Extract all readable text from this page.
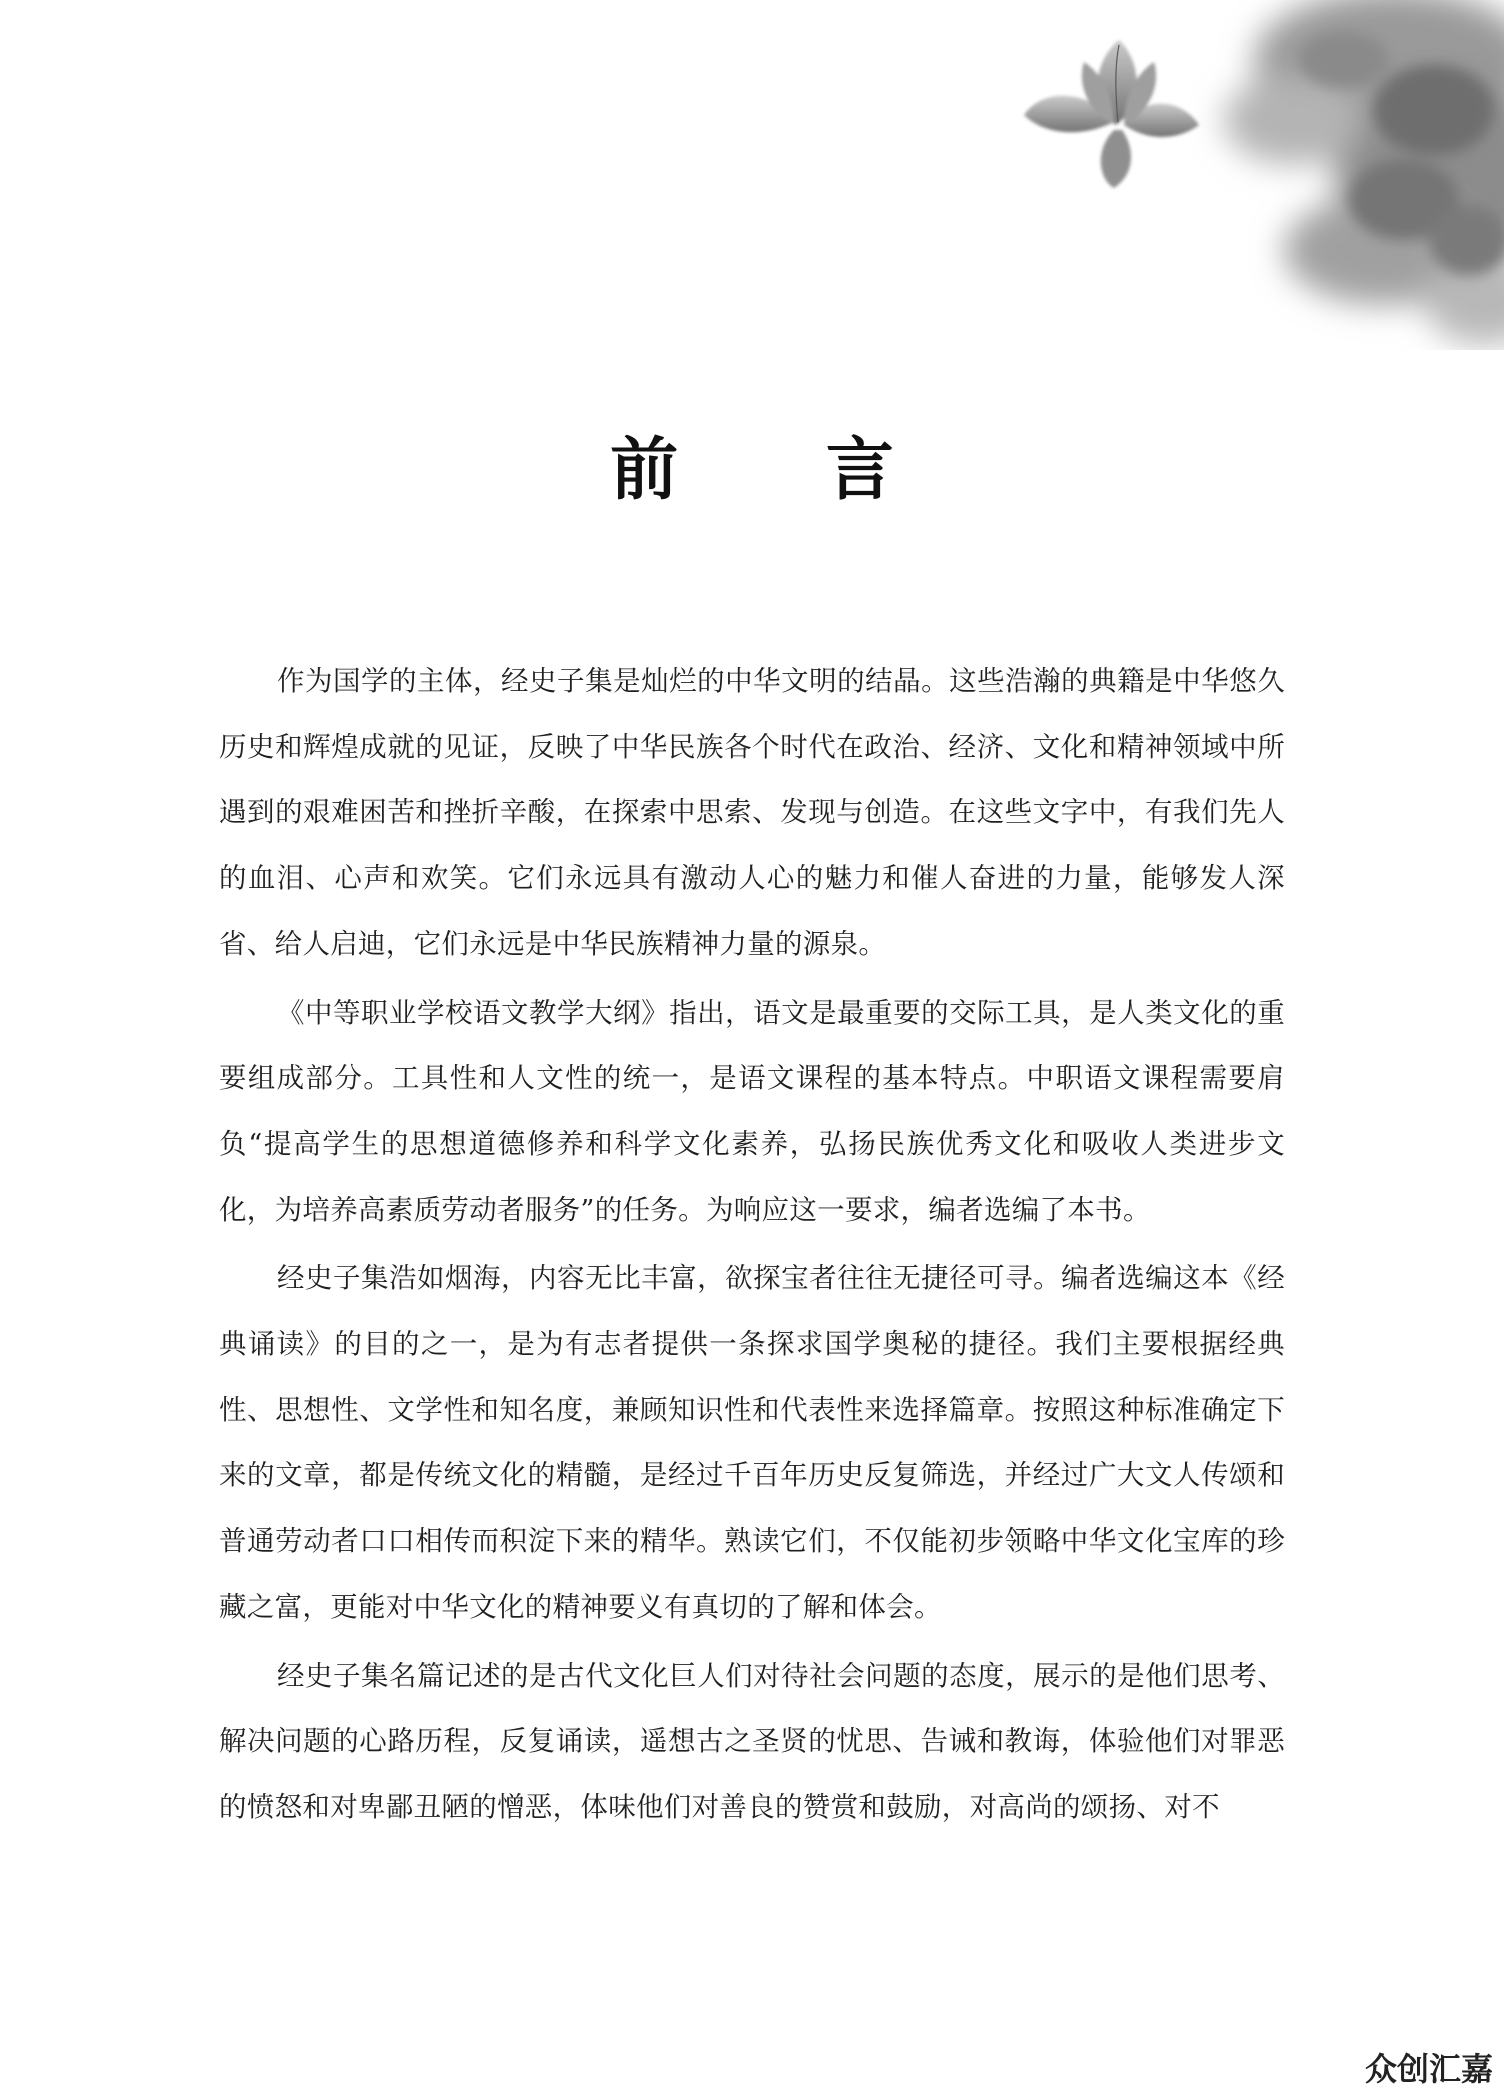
前 言

作为国学的主体，经史子集是灿烂的中华文明的结晶。这些浩瀚的典籍是中华悠久历史和辉煌成就的见证，反映了中华民族各个时代在政治、经济、文化和精神领域中所遇到的艰难困苦和挫折辛酸，在探索中思索、发现与创造。在这些文字中，有我们先人的血泪、心声和欢笑。它们永远具有激动人心的魅力和催人奋进的力量，能够发人深省、给人启迪，它们永远是中华民族精神力量的源泉。

《中等职业学校语文教学大纲》指出，语文是最重要的交际工具，是人类文化的重要组成部分。工具性和人文性的统一，是语文课程的基本特点。中职语文课程需要肩负“提高学生的思想道德修养和科学文化素养，弘扬民族优秀文化和吸收人类进步文化，为培养高素质劳动者服务”的任务。为响应这一要求，编者选编了本书。

经史子集浩如烟海，内容无比丰富，欲探宝者往往无捷径可寻。编者选编这本《经典诵读》的目的之一，是为有志者提供一条探求国学奥秘的捷径。我们主要根据经典性、思想性、文学性和知名度，兼顾知识性和代表性来选择篇章。按照这种标准确定下来的文章，都是传统文化的精髓，是经过千百年历史反复筛选，并经过广大文人传颂和普通劳动者口口相传而积淀下来的精华。熟读它们，不仅能初步领略中华文化宝库的珍藏之富，更能对中华文化的精神要义有真切的了解和体会。

经史子集名篇记述的是古代文化巨人们对待社会问题的态度，展示的是他们思考、解决问题的心路历程，反复诵读，遥想古之圣贤的忧思、告诫和教诲，体验他们对罪恶的愤怒和对卑鄙丑陋的憎恶，体味他们对善良的赞赏和鼓励，对高尚的颂扬、对不

众创汇嘉
